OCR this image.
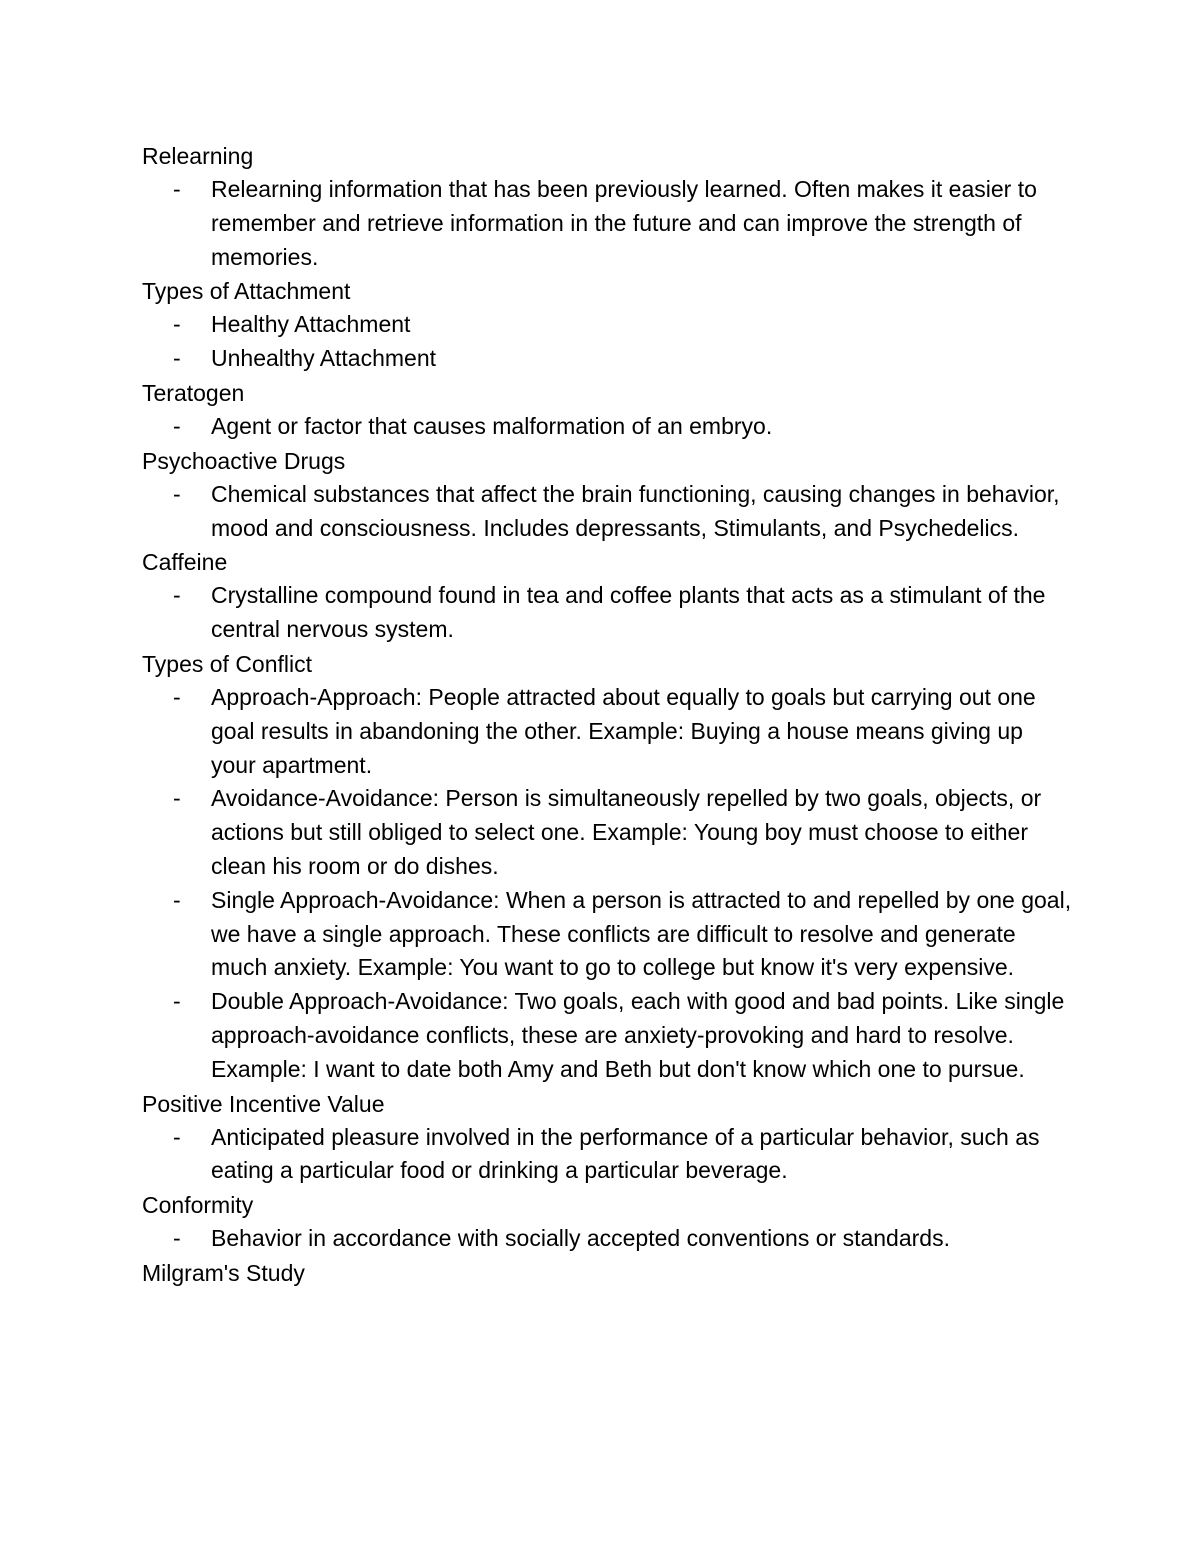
Relearning
- Relearning information that has been previously learned. Often makes it easier to remember and retrieve information in the future and can improve the strength of memories.
Types of Attachment
- Healthy Attachment
- Unhealthy Attachment
Teratogen
- Agent or factor that causes malformation of an embryo.
Psychoactive Drugs
- Chemical substances that affect the brain functioning, causing changes in behavior, mood and consciousness. Includes depressants, Stimulants, and Psychedelics.
Caffeine
- Crystalline compound found in tea and coffee plants that acts as a stimulant of the central nervous system.
Types of Conflict
- Approach-Approach: People attracted about equally to goals but carrying out one goal results in abandoning the other. Example: Buying a house means giving up your apartment.
- Avoidance-Avoidance: Person is simultaneously repelled by two goals, objects, or actions but still obliged to select one. Example: Young boy must choose to either clean his room or do dishes.
- Single Approach-Avoidance: When a person is attracted to and repelled by one goal, we have a single approach. These conflicts are difficult to resolve and generate much anxiety. Example: You want to go to college but know it's very expensive.
- Double Approach-Avoidance: Two goals, each with good and bad points. Like single approach-avoidance conflicts, these are anxiety-provoking and hard to resolve. Example: I want to date both Amy and Beth but don't know which one to pursue.
Positive Incentive Value
- Anticipated pleasure involved in the performance of a particular behavior, such as eating a particular food or drinking a particular beverage.
Conformity
- Behavior in accordance with socially accepted conventions or standards.
Milgram's Study
